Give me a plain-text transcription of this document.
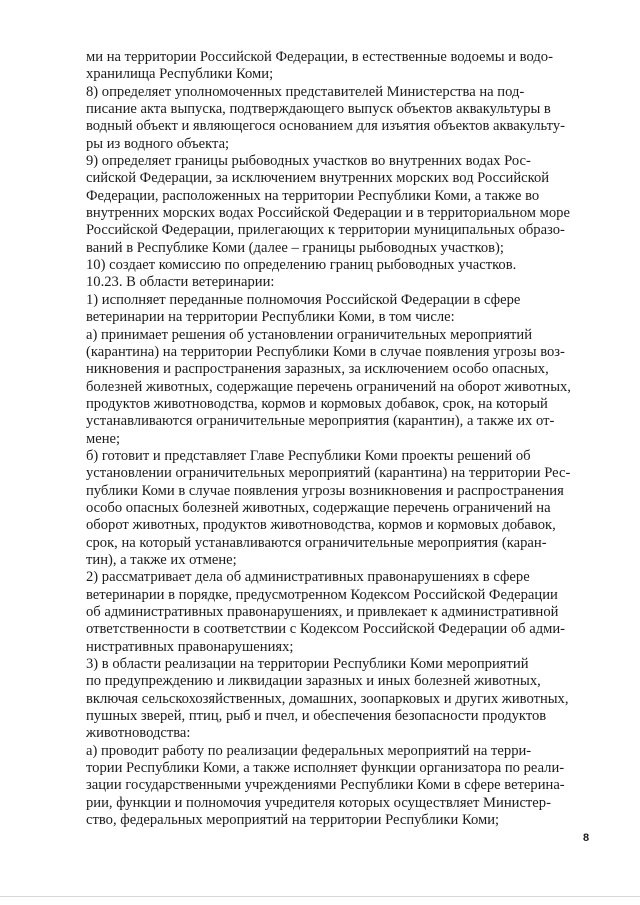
ми на территории Российской Федерации, в естественные водоемы и водо-
хранилища Республики Коми;

8) определяет уполномоченных представителей Министерства на под-
писание акта выпуска, подтверждающего выпуск объектов аквакультуры в
водный объект и являющегося основанием для изъятия объектов аквакульту-
ры из водного объекта;

9) определяет границы рыбоводных участков во внутренних водах Рос-
сийской Федерации, за исключением внутренних морских вод Российской
Федерации, расположенных на территории Республики Коми, а также во
внутренних морских водах Российской Федерации и в территориальном море
Российской Федерации, прилегающих к территории муниципальных образо-
ваний в Республике Коми (далее – границы рыбоводных участков);

10) создает комиссию по определению границ рыбоводных участков.

10.23. В области ветеринарии:

1) исполняет переданные полномочия Российской Федерации в сфере
ветеринарии на территории Республики Коми, в том числе:

а) принимает решения об установлении ограничительных мероприятий
(карантина) на территории Республики Коми в случае появления угрозы воз-
никновения и распространения заразных, за исключением особо опасных,
болезней животных, содержащие перечень ограничений на оборот животных,
продуктов животноводства, кормов и кормовых добавок, срок, на который
устанавливаются ограничительные мероприятия (карантин), а также их от-
мене;

б) готовит и представляет Главе Республики Коми проекты решений об
установлении ограничительных мероприятий (карантина) на территории Рес-
публики Коми в случае появления угрозы возникновения и распространения
особо опасных болезней животных, содержащие перечень ограничений на
оборот животных, продуктов животноводства, кормов и кормовых добавок,
срок, на который устанавливаются ограничительные мероприятия (каран-
тин), а также их отмене;

2) рассматривает дела об административных правонарушениях в сфере
ветеринарии в порядке, предусмотренном Кодексом Российской Федерации
об административных правонарушениях, и привлекает к административной
ответственности в соответствии с Кодексом Российской Федерации об адми-
нистративных правонарушениях;

3) в области реализации на территории Республики Коми мероприятий
по предупреждению и ликвидации заразных и иных болезней животных,
включая сельскохозяйственных, домашних, зоопарковых и других животных,
пушных зверей, птиц, рыб и пчел, и обеспечения безопасности продуктов
животноводства:

а) проводит работу по реализации федеральных мероприятий на терри-
тории Республики Коми, а также исполняет функции организатора по реали-
зации государственными учреждениями Республики Коми в сфере ветерина-
рии, функции и полномочия учредителя которых осуществляет Министер-
ство, федеральных мероприятий на территории Республики Коми;

8
